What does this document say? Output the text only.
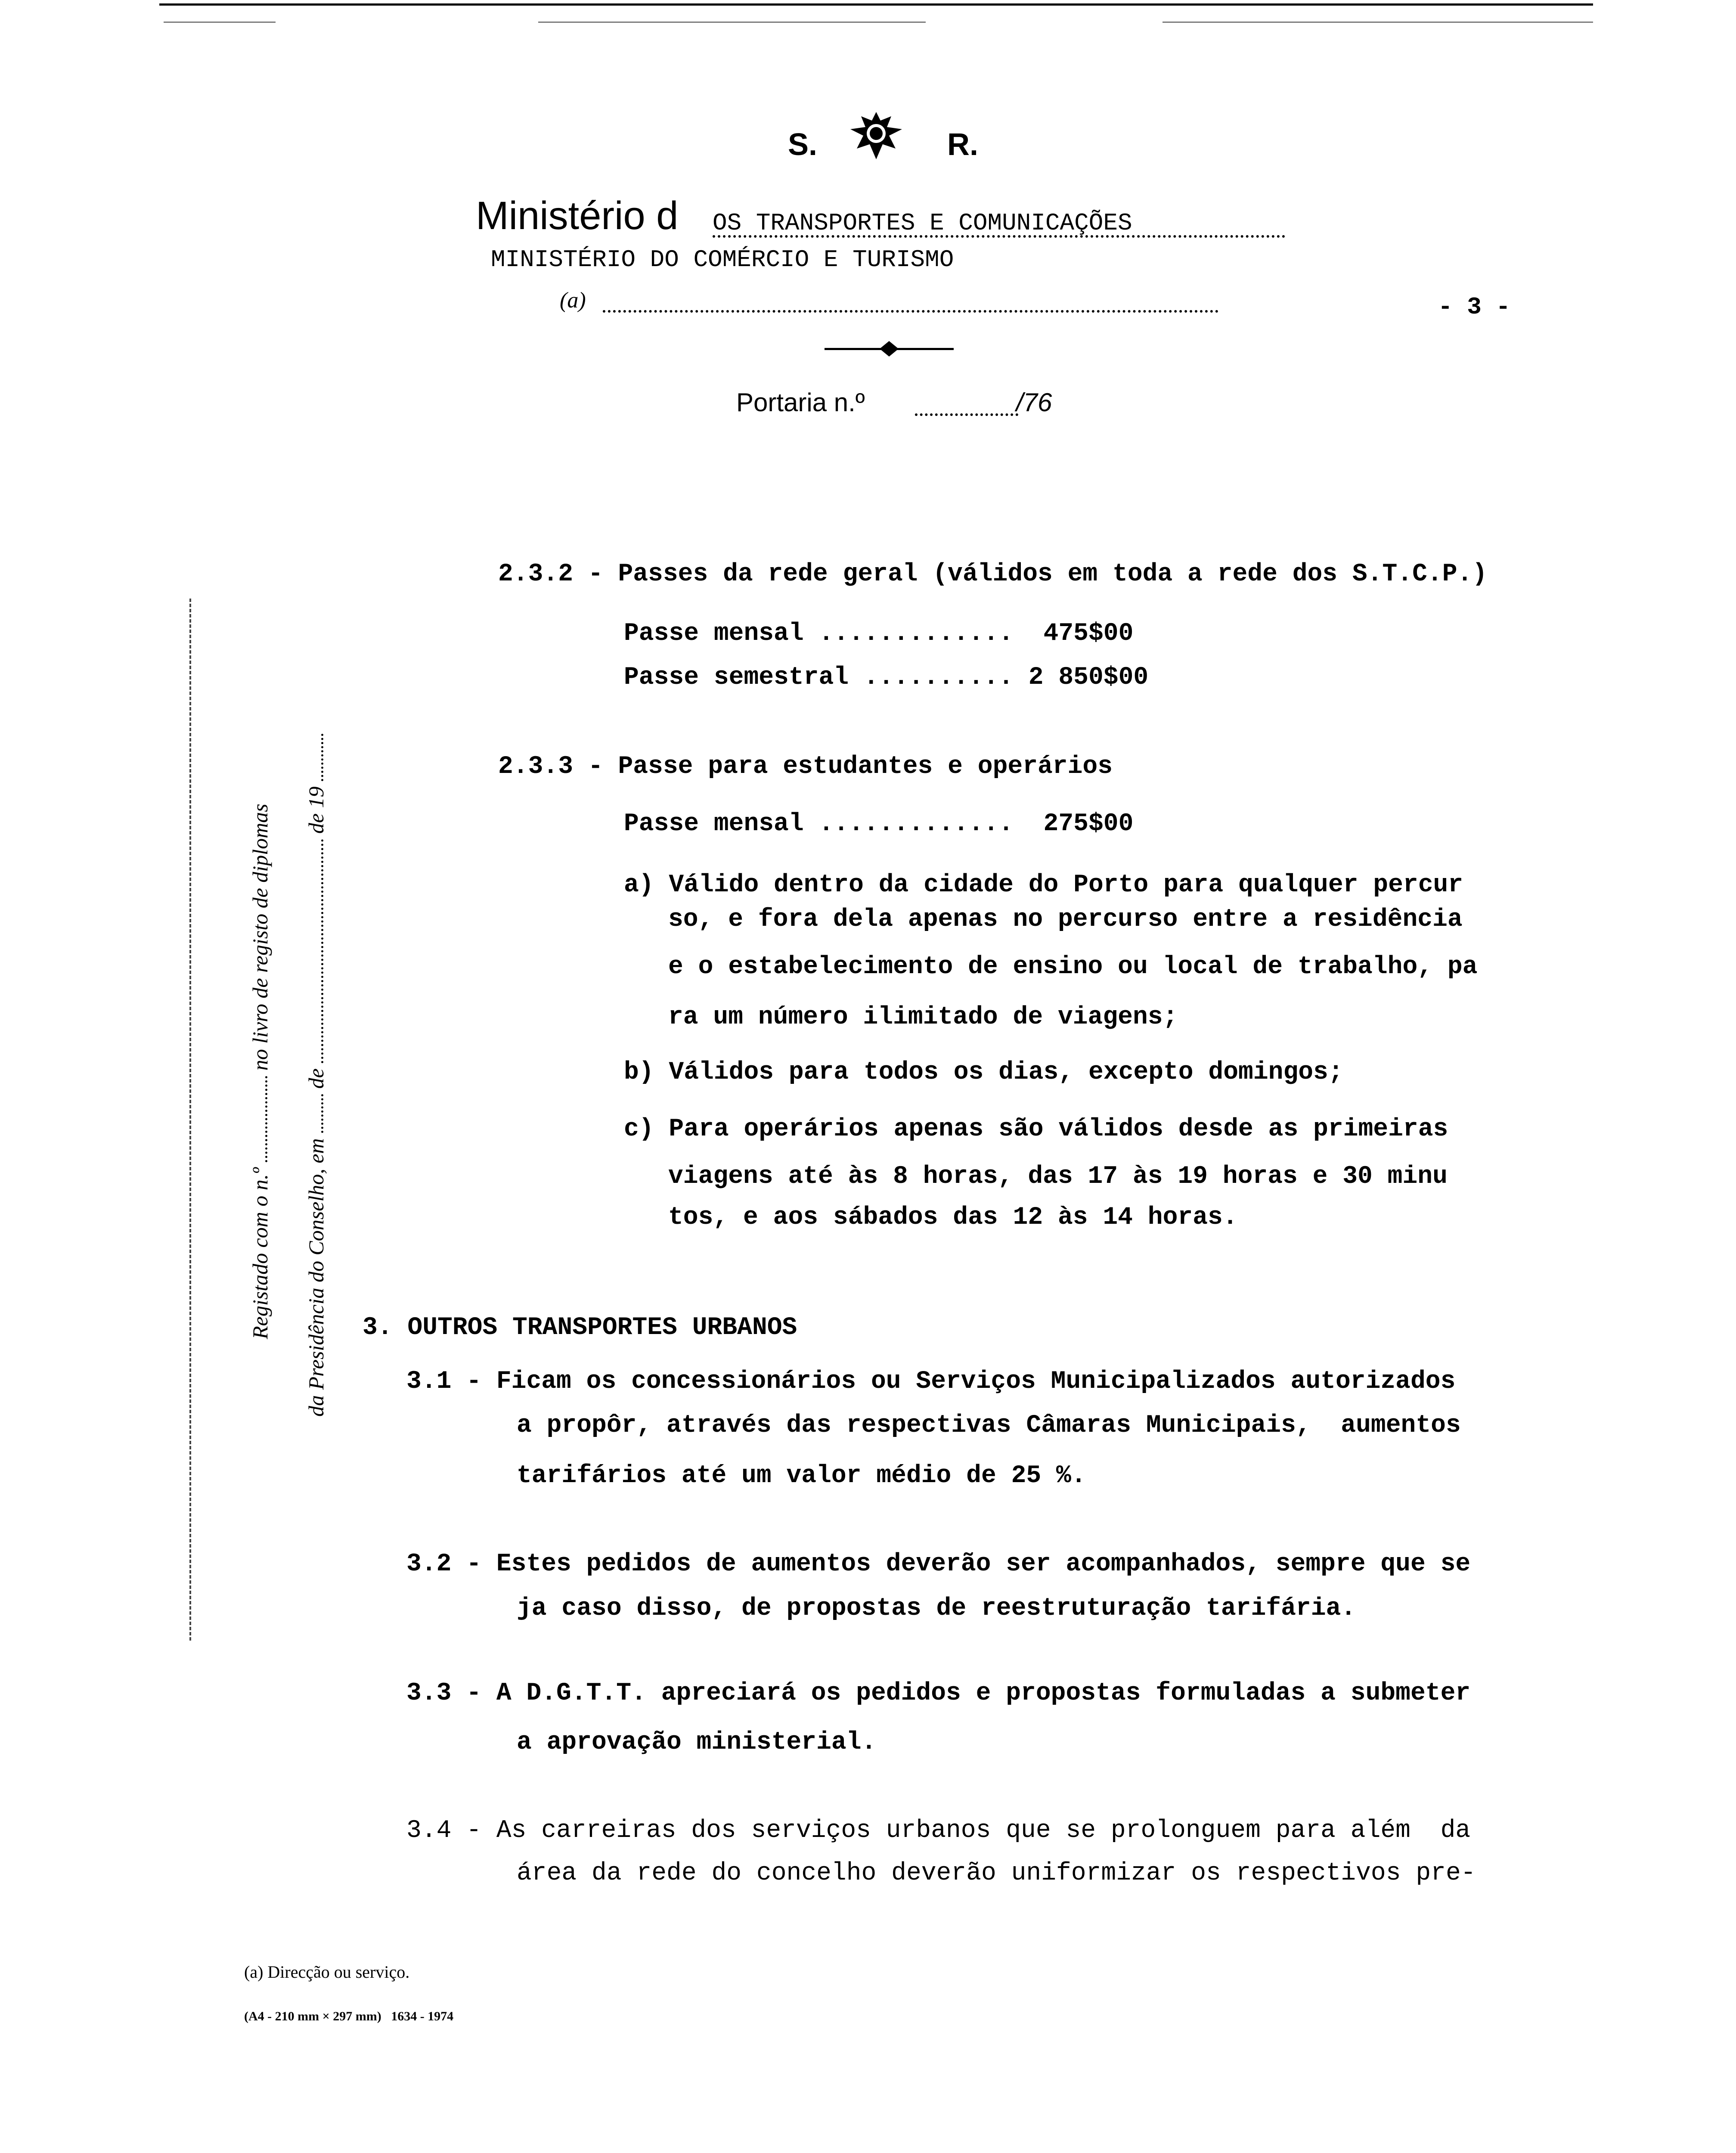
S.	R.
Ministério d OS TRANSPORTES E COMUNICAÇÕES
MINISTÉRIO DO COMÉRCIO E TURISMO
(a)	- 3 -
Portaria n.º	/76
Registado com o n.º  no livro de registo de diplomas
da Presidência do Conselho, em  de  de 19
2.3.2 - Passes da rede geral (válidos em toda a rede dos S.T.C.P.)
Passe mensal .............  475$00
Passe semestral .......... 2 850$00
2.3.3 - Passe para estudantes e operários
Passe mensal .............  275$00
a) Válido dentro da cidade do Porto para qualquer percur
so, e fora dela apenas no percurso entre a residência
e o estabelecimento de ensino ou local de trabalho, pa
ra um número ilimitado de viagens;
b) Válidos para todos os dias, excepto domingos;
c) Para operários apenas são válidos desde as primeiras
viagens até às 8 horas, das 17 às 19 horas e 30 minu
tos, e aos sábados das 12 às 14 horas.
3. OUTROS TRANSPORTES URBANOS
3.1 - Ficam os concessionários ou Serviços Municipalizados autorizados
a propôr, através das respectivas Câmaras Municipais,  aumentos
tarifários até um valor médio de 25 %.
3.2 - Estes pedidos de aumentos deverão ser acompanhados, sempre que se
ja caso disso, de propostas de reestruturação tarifária.
3.3 - A D.G.T.T. apreciará os pedidos e propostas formuladas a submeter
a aprovação ministerial.
3.4 - As carreiras dos serviços urbanos que se prolonguem para além  da
área da rede do concelho deverão uniformizar os respectivos pre-
(a) Direcção ou serviço.
(A4 - 210 mm × 297 mm)   1634 - 1974
